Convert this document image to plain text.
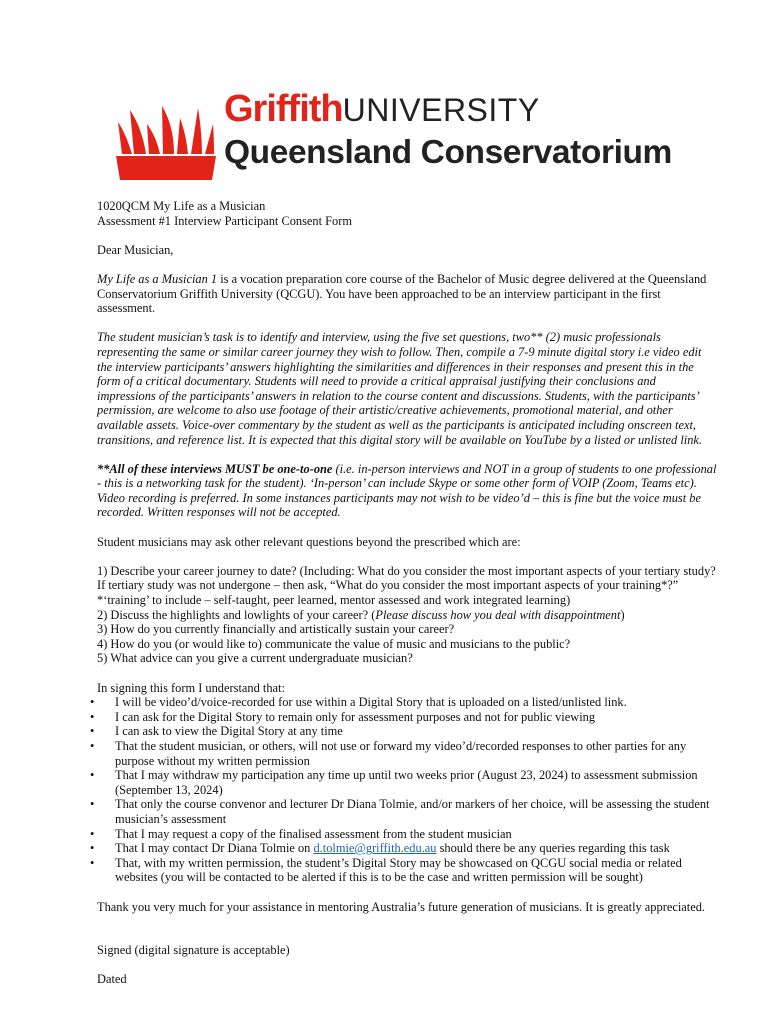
GriffithUNIVERSITY
Queensland Conservatorium

1020QCM My Life as a Musician

Assessment #1 Interview Participant Consent Form

Dear Musician,

My Life as a Musician 1 is a vocation preparation core course of the Bachelor of Music degree delivered at the Queensland Conservatorium Griffith University (QCGU). You have been approached to be an interview participant in the first assessment.

The student musician’s task is to identify and interview, using the five set questions, two** (2) music professionals representing the same or similar career journey they wish to follow. Then, compile a 7-9 minute digital story i.e video edit the interview participants’ answers highlighting the similarities and differences in their responses and present this in the form of a critical documentary. Students will need to provide a critical appraisal justifying their conclusions and impressions of the participants’ answers in relation to the course content and discussions. Students, with the participants’ permission, are welcome to also use footage of their artistic/creative achievements, promotional material, and other available assets. Voice-over commentary by the student as well as the participants is anticipated including onscreen text, transitions, and reference list. It is expected that this digital story will be available on YouTube by a listed or unlisted link.

**All of these interviews MUST be one-to-one (i.e. in-person interviews and NOT in a group of students to one professional - this is a networking task for the student). ‘In-person’ can include Skype or some other form of VOIP (Zoom, Teams etc). Video recording is preferred. In some instances participants may not wish to be video’d – this is fine but the voice must be recorded. Written responses will not be accepted.

Student musicians may ask other relevant questions beyond the prescribed which are:

1) Describe your career journey to date? (Including: What do you consider the most important aspects of your tertiary study? If tertiary study was not undergone – then ask, “What do you consider the most important aspects of your training*?” *‘training’ to include – self-taught, peer learned, mentor assessed and work integrated learning)

2) Discuss the highlights and lowlights of your career? (Please discuss how you deal with disappointment)

3) How do you currently financially and artistically sustain your career?

4) How do you (or would like to) communicate the value of music and musicians to the public?

5) What advice can you give a current undergraduate musician?

In signing this form I understand that:

• I will be video’d/voice-recorded for use within a Digital Story that is uploaded on a listed/unlisted link.
• I can ask for the Digital Story to remain only for assessment purposes and not for public viewing
• I can ask to view the Digital Story at any time
• That the student musician, or others, will not use or forward my video’d/recorded responses to other parties for any purpose without my written permission
• That I may withdraw my participation any time up until two weeks prior (August 23, 2024) to assessment submission (September 13, 2024)
• That only the course convenor and lecturer Dr Diana Tolmie, and/or markers of her choice, will be assessing the student musician’s assessment
• That I may request a copy of the finalised assessment from the student musician
• That I may contact Dr Diana Tolmie on d.tolmie@griffith.edu.au should there be any queries regarding this task
• That, with my written permission, the student’s Digital Story may be showcased on QCGU social media or related websites (you will be contacted to be alerted if this is to be the case and written permission will be sought)

Thank you very much for your assistance in mentoring Australia’s future generation of musicians. It is greatly appreciated.

Signed (digital signature is acceptable)

Dated
